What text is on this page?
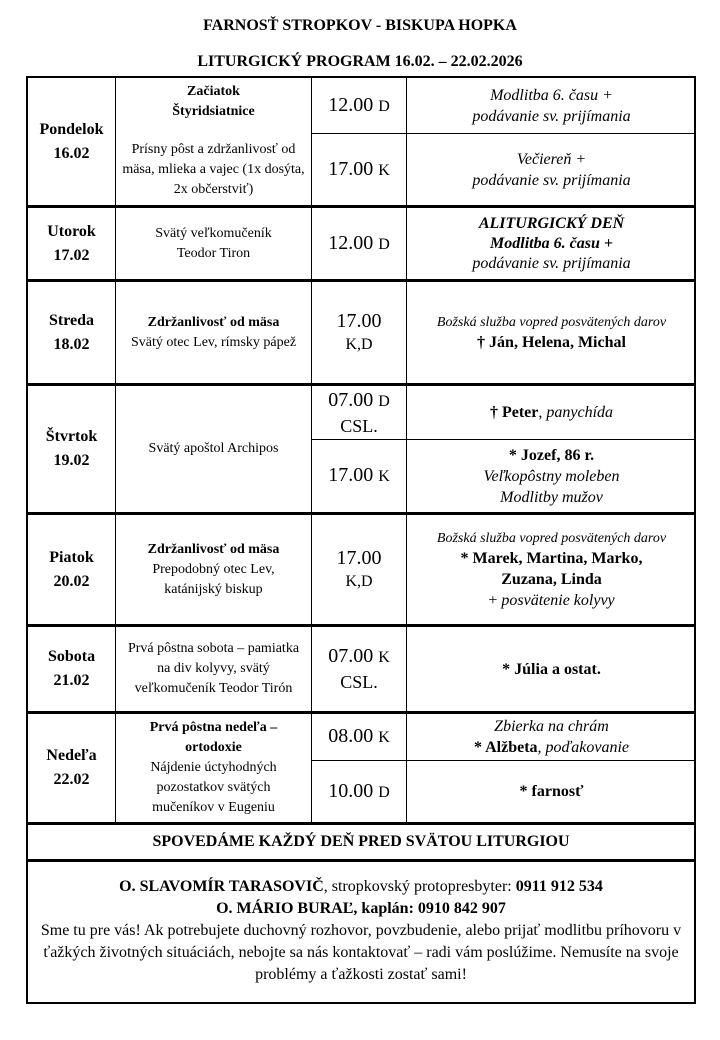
FARNOSŤ STROPKOV - BISKUPA HOPKA
LITURGICKÝ PROGRAM 16.02. – 22.02.2026
Pondelok
16.02
Začiatok Štyridsiatnice
Prísny pôst a zdržanlivosť od mäsa, mlieka a vajec (1x dosýta, 2x občerstviť)
12.00 D
Modlitba 6. času +
podávanie sv. prijímania
17.00 K
Večiereň +
podávanie sv. prijímania
Utorok
17.02
Svätý veľkomučeník
Teodor Tiron	12.00 D
ALITURGICKÝ DEŇ
Modlitba 6. času +
podávanie sv. prijímania
Streda
18.02
Zdržanlivosť od mäsa
Svätý otec Lev, rímsky pápež
17.00
K,D
Božská služba vopred posvätených darov
† Ján, Helena, Michal
Štvrtok
19.02
Svätý apoštol Archipos
07.00 D
CSL.
† Peter, panychída
17.00 K
* Jozef, 86 r.
Veľkopôstny moleben
Modlitby mužov
Piatok
20.02
Zdržanlivosť od mäsa
Prepodobný otec Lev, katánijský biskup
17.00
K,D
Božská služba vopred posvätených darov
* Marek, Martina, Marko, Zuzana, Linda
+ posvätenie kolyvy
Sobota
21.02
Prvá pôstna sobota – pamiatka na div kolyvy, svätý veľkomučeník Teodor Tirón
07.00 K
CSL.
* Júlia a ostat.
Nedeľa
22.02
Prvá pôstna nedeľa – ortodoxie
Nájdenie úctyhodných pozostatkov svätých mučeníkov v Eugeniu
08.00 K
Zbierka na chrám
* Alžbeta, poďakovanie
10.00 D	* farnosť
SPOVEDÁME KAŽDÝ DEŇ PRED SVÄTOU LITURGIOU
O. SLAVOMÍR TARASOVIČ, stropkovský protopresbyter: 0911 912 534
O. MÁRIO BURAĽ, kaplán: 0910 842 907
Sme tu pre vás! Ak potrebujete duchovný rozhovor, povzbudenie, alebo prijať modlitbu príhovoru v ťažkých životných situáciách, nebojte sa nás kontaktovať – radi vám poslúžime. Nemusíte na svoje problémy a ťažkosti zostať sami!
